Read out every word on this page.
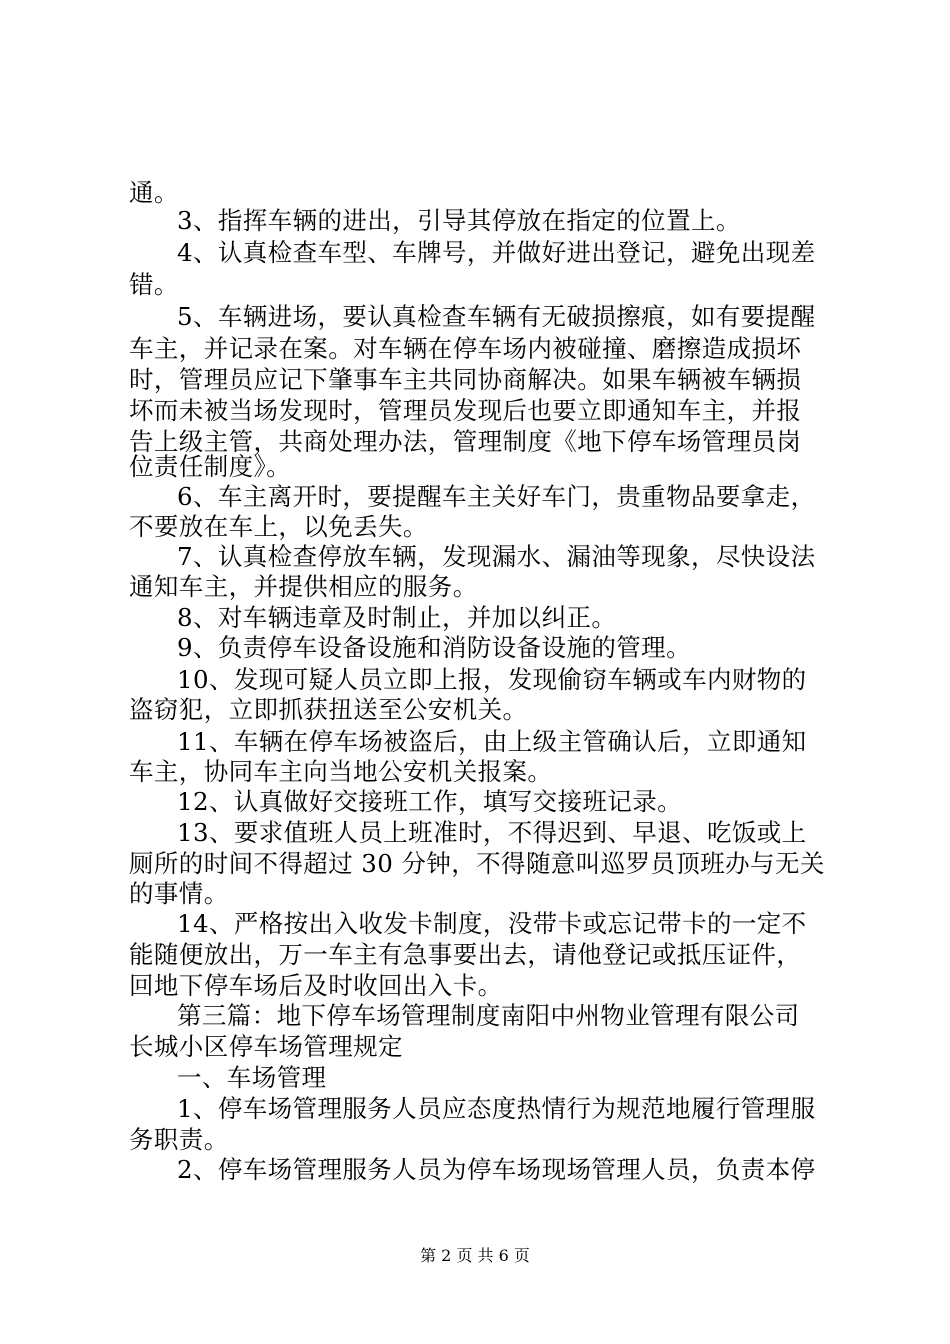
通。
3、指挥车辆的进出，引导其停放在指定的位置上。
4、认真检查车型、车牌号，并做好进出登记，避免出现差
错。
5、车辆进场，要认真检查车辆有无破损擦痕，如有要提醒
车主，并记录在案。对车辆在停车场内被碰撞、磨擦造成损坏
时，管理员应记下肇事车主共同协商解决。如果车辆被车辆损
坏而未被当场发现时，管理员发现后也要立即通知车主，并报
告上级主管，共商处理办法，管理制度《地下停车场管理员岗
位责任制度》。
6、车主离开时，要提醒车主关好车门，贵重物品要拿走，
不要放在车上，以免丢失。
7、认真检查停放车辆，发现漏水、漏油等现象，尽快设法
通知车主，并提供相应的服务。
8、对车辆违章及时制止，并加以纠正。
9、负责停车设备设施和消防设备设施的管理。
10、发现可疑人员立即上报，发现偷窃车辆或车内财物的
盗窃犯，立即抓获扭送至公安机关。
11、车辆在停车场被盗后，由上级主管确认后，立即通知
车主，协同车主向当地公安机关报案。
12、认真做好交接班工作，填写交接班记录。
13、要求值班人员上班准时，不得迟到、早退、吃饭或上
厕所的时间不得超过 30 分钟，不得随意叫巡罗员顶班办与无关
的事情。
14、严格按出入收发卡制度，没带卡或忘记带卡的一定不
能随便放出，万一车主有急事要出去，请他登记或抵压证件，
回地下停车场后及时收回出入卡。
第三篇：地下停车场管理制度南阳中州物业管理有限公司
长城小区停车场管理规定
一、车场管理
1、停车场管理服务人员应态度热情行为规范地履行管理服
务职责。
2、停车场管理服务人员为停车场现场管理人员，负责本停
第 2 页 共 6 页
